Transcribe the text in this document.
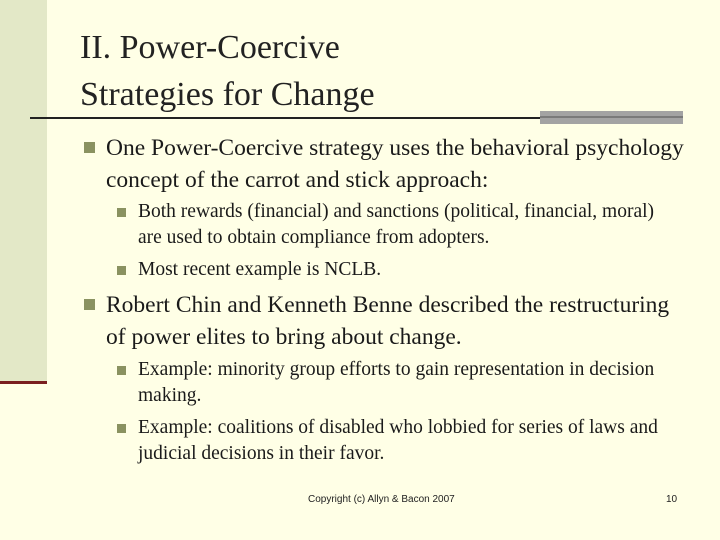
II. Power-Coercive
Strategies for Change
One Power-Coercive strategy uses the behavioral psychology concept of the carrot and stick approach:
Both rewards (financial) and sanctions (political, financial, moral) are used to obtain compliance from adopters.
Most recent example is NCLB.
Robert Chin and Kenneth Benne described the restructuring of power elites to bring about change.
Example: minority group efforts to gain representation in decision making.
Example: coalitions of disabled who lobbied for series of laws and judicial decisions in their favor.
Copyright (c) Allyn & Bacon 2007	10
